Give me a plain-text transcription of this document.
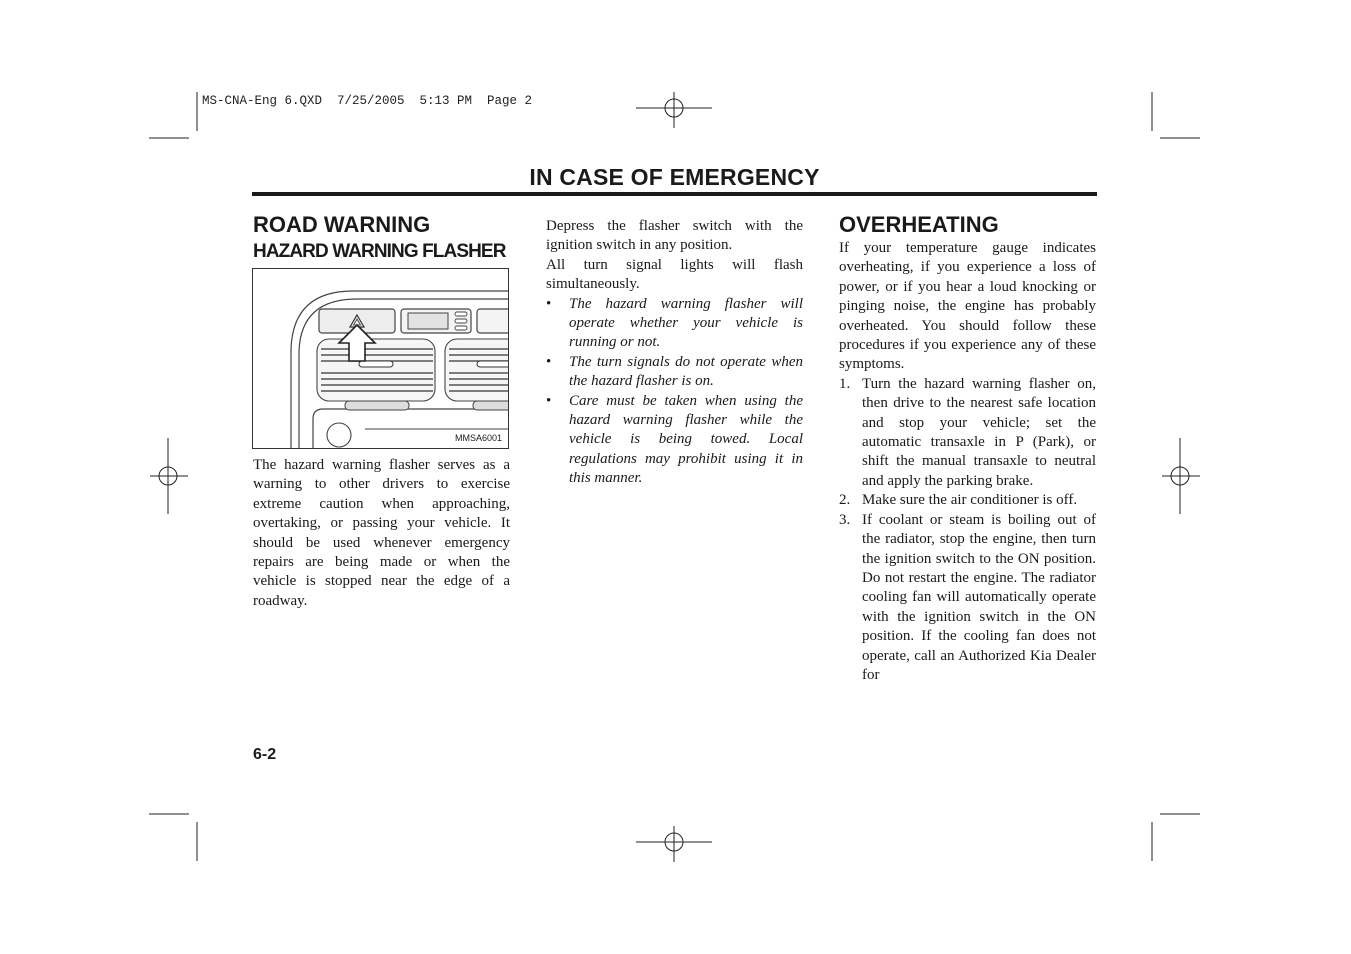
MS-CNA-Eng 6.QXD  7/25/2005  5:13 PM  Page 2
IN CASE OF EMERGENCY
ROAD WARNING
HAZARD WARNING FLASHER
MMSA6001

The hazard warning flasher serves as a warning to other drivers to exercise extreme caution when approaching, overtaking, or passing your vehicle. It should be used whenever emergency repairs are being made or when the vehicle is stopped near the edge of a roadway.

Depress the flasher switch with the ignition switch in any position.

All turn signal lights will flash simultaneously.

• The hazard warning flasher will operate whether your vehicle is running or not.
• The turn signals do not operate when the hazard flasher is on.
• Care must be taken when using the hazard warning flasher while the vehicle is being towed. Local regulations may prohibit using it in this manner.
OVERHEATING

If your temperature gauge indicates overheating, if you experience a loss of power, or if you hear a loud knocking or pinging noise, the engine has probably overheated. You should follow these procedures if you experience any of these symptoms.

1. Turn the hazard warning flasher on, then drive to the nearest safe location and stop your vehicle; set the automatic transaxle in P (Park), or shift the manual transaxle to neutral and apply the parking brake.
2. Make sure the air conditioner is off.
3. If coolant or steam is boiling out of the radiator, stop the engine, then turn the ignition switch to the ON position. Do not restart the engine. The radiator cooling fan will automatically operate with the ignition switch in the ON position. If the cooling fan does not operate, call an Authorized Kia Dealer for
6-2
